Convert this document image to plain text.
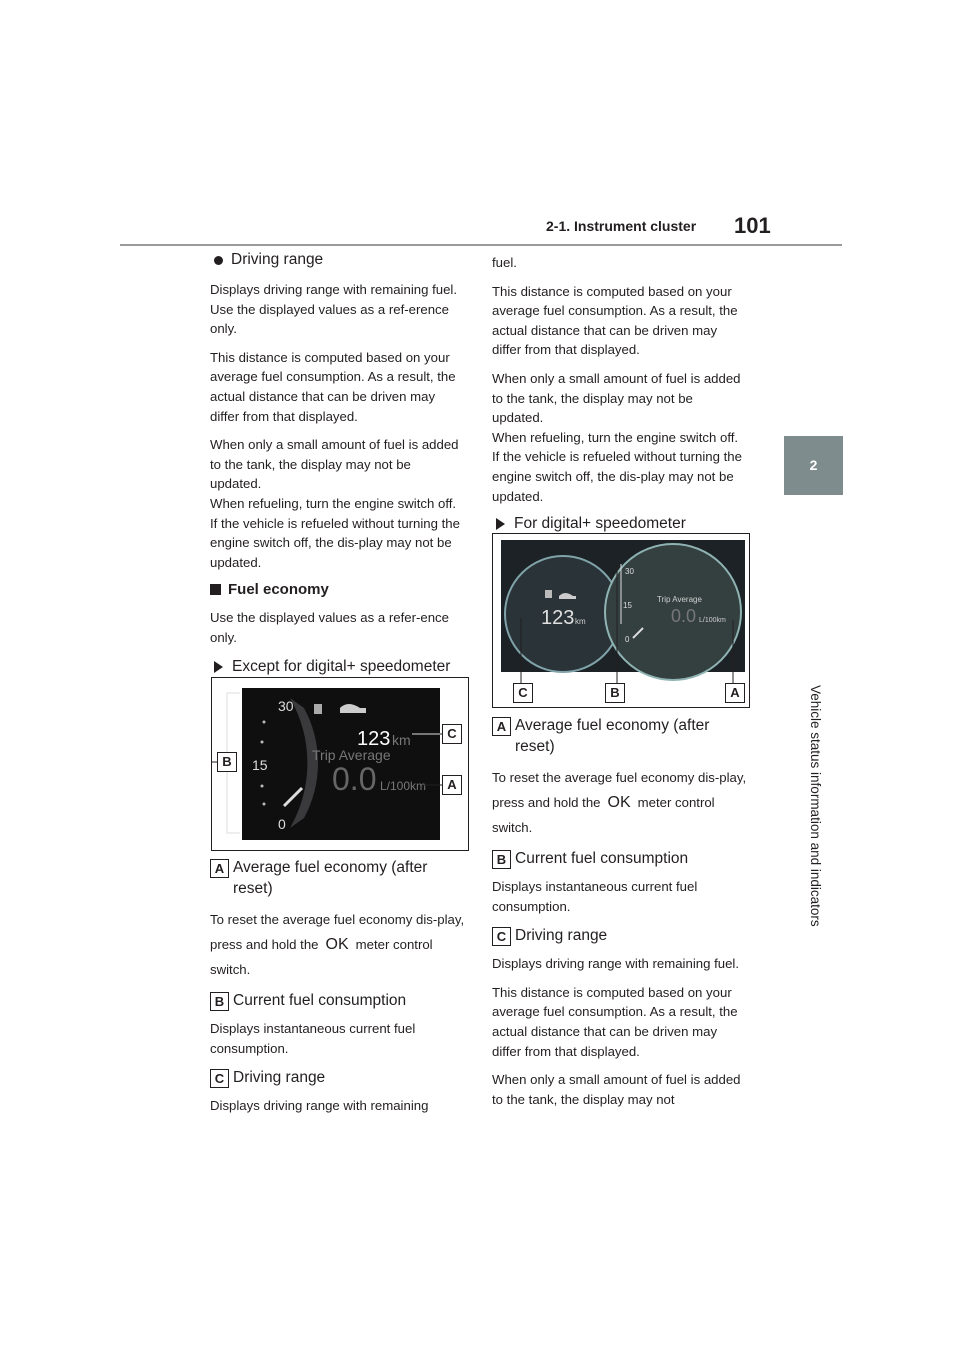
2-1. Instrument cluster 101
2
Vehicle status information and indicators
Driving range

Displays driving range with remaining fuel. Use the displayed values as a ref-erence only.

This distance is computed based on your average fuel consumption. As a result, the actual distance that can be driven may differ from that displayed.

When only a small amount of fuel is added to the tank, the display may not be updated.

When refueling, turn the engine switch off. If the vehicle is refueled without turning the engine switch off, the dis-play may not be updated.

Fuel economy

Use the displayed values as a refer-ence only.

Except for digital+ speedometer
30
15
0
123 km
Trip Average
0.0 L/100km
B
C
A
A Average fuel economy (after reset)

To reset the average fuel economy dis-play, press and hold the OK meter control switch.

B Current fuel consumption

Displays instantaneous current fuel consumption.

C Driving range

Displays driving range with remaining

fuel.

This distance is computed based on your average fuel consumption. As a result, the actual distance that can be driven may differ from that displayed.

When only a small amount of fuel is added to the tank, the display may not be updated.

When refueling, turn the engine switch off. If the vehicle is refueled without turning the engine switch off, the dis-play may not be updated.

For digital+ speedometer
123 km
30
15
0
Trip Average
0.0 L/100km
C	B	A
A Average fuel economy (after reset)

To reset the average fuel economy dis-play, press and hold the OK meter control switch.

B Current fuel consumption

Displays instantaneous current fuel consumption.

C Driving range

Displays driving range with remaining fuel.

This distance is computed based on your average fuel consumption. As a result, the actual distance that can be driven may differ from that displayed.

When only a small amount of fuel is added to the tank, the display may not
